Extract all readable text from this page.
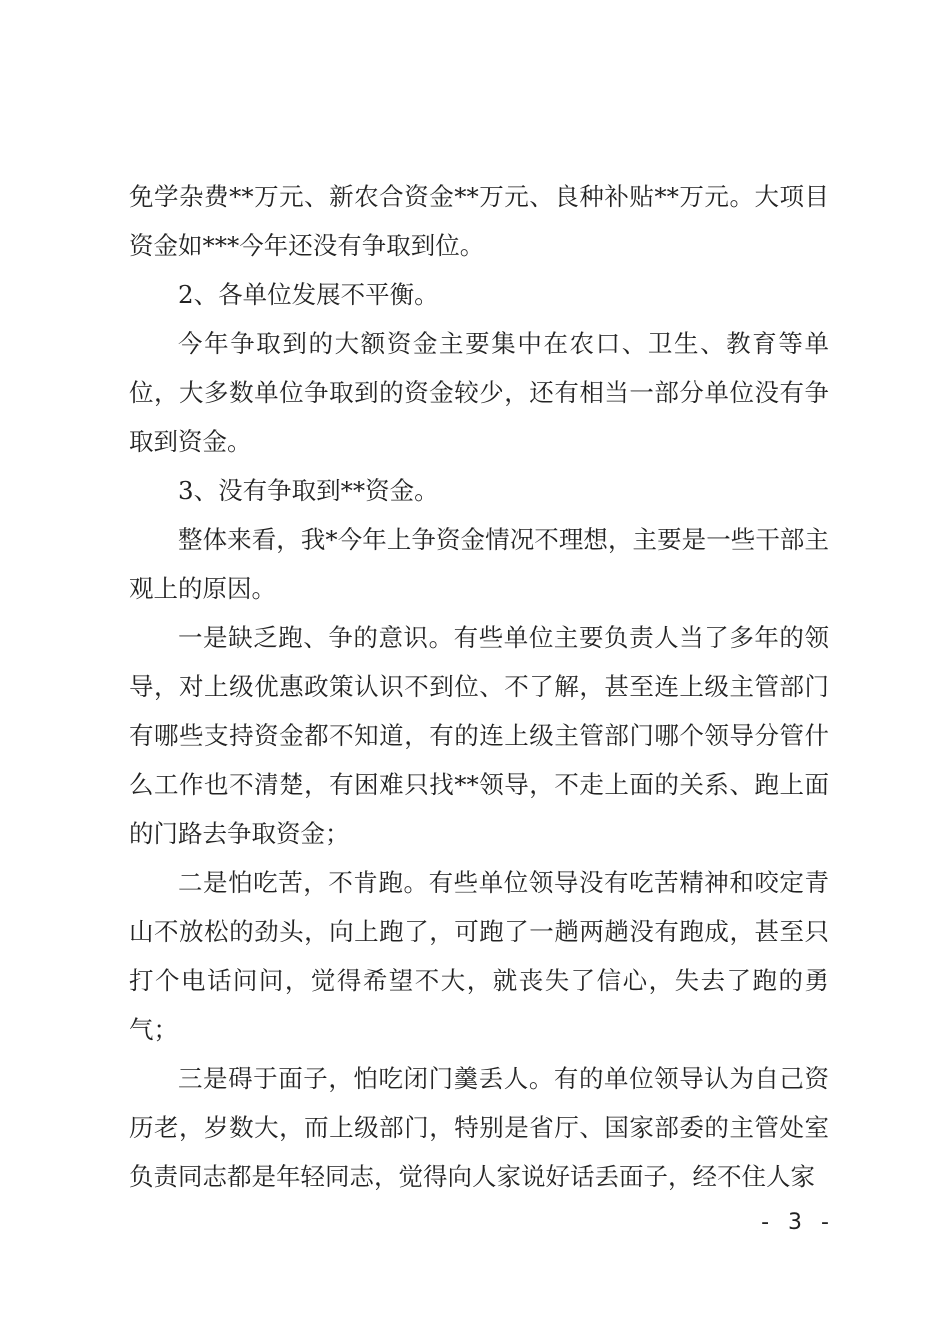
免学杂费**万元、新农合资金**万元、良种补贴**万元。大项目资金如***今年还没有争取到位。

2、各单位发展不平衡。

今年争取到的大额资金主要集中在农口、卫生、教育等单位，大多数单位争取到的资金较少，还有相当一部分单位没有争取到资金。

3、没有争取到**资金。

整体来看，我*今年上争资金情况不理想，主要是一些干部主观上的原因。

一是缺乏跑、争的意识。有些单位主要负责人当了多年的领导，对上级优惠政策认识不到位、不了解，甚至连上级主管部门有哪些支持资金都不知道，有的连上级主管部门哪个领导分管什么工作也不清楚，有困难只找**领导，不走上面的关系、跑上面的门路去争取资金；

二是怕吃苦，不肯跑。有些单位领导没有吃苦精神和咬定青山不放松的劲头，向上跑了，可跑了一趟两趟没有跑成，甚至只打个电话问问，觉得希望不大，就丧失了信心，失去了跑的勇气；

三是碍于面子，怕吃闭门羹丢人。有的单位领导认为自己资历老，岁数大，而上级部门，特别是省厅、国家部委的主管处室负责同志都是年轻同志，觉得向人家说好话丢面子，经不住人家

- 3 -
